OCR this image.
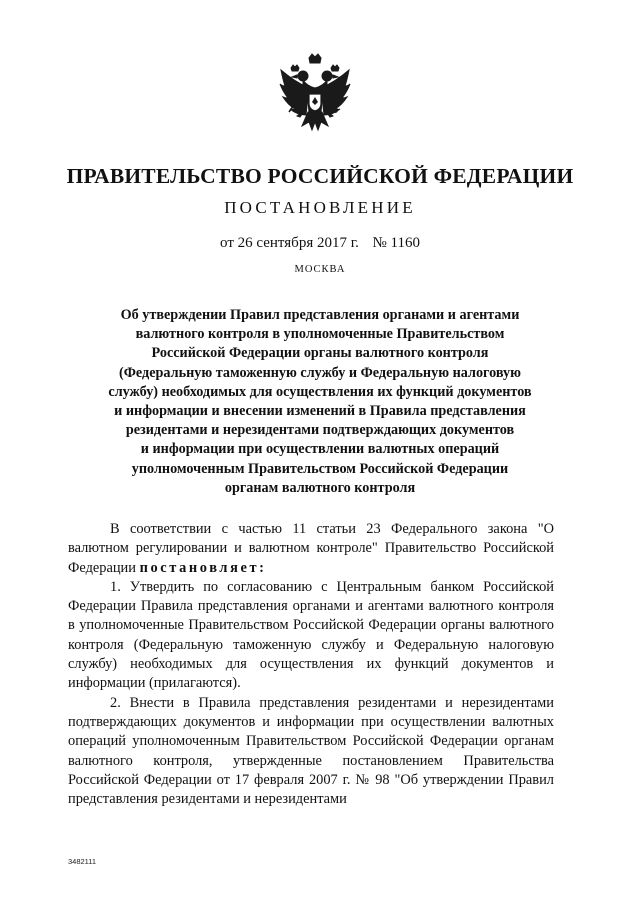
ПРАВИТЕЛЬСТВО РОССИЙСКОЙ ФЕДЕРАЦИИ
ПОСТАНОВЛЕНИЕ
от 26 сентября 2017 г. № 1160
МОСКВА
Об утверждении Правил представления органами и агентами
валютного контроля в уполномоченные Правительством
Российской Федерации органы валютного контроля
(Федеральную таможенную службу и Федеральную налоговую
службу) необходимых для осуществления их функций документов
и информации и внесении изменений в Правила представления
резидентами и нерезидентами подтверждающих документов
и информации при осуществлении валютных операций
уполномоченным Правительством Российской Федерации
органам валютного контроля

В соответствии с частью 11 статьи 23 Федерального закона "О валютном регулировании и валютном контроле" Правительство Российской Федерации постановляет:

1. Утвердить по согласованию с Центральным банком Российской Федерации Правила представления органами и агентами валютного контроля в уполномоченные Правительством Российской Федерации органы валютного контроля (Федеральную таможенную службу и Федеральную налоговую службу) необходимых для осуществления их функций документов и информации (прилагаются).

2. Внести в Правила представления резидентами и нерезидентами подтверждающих документов и информации при осуществлении валютных операций уполномоченным Правительством Российской Федерации органам валютного контроля, утвержденные постановлением Правительства Российской Федерации от 17 февраля 2007 г. № 98 "Об утверждении Правил представления резидентами и нерезидентами

3482111
